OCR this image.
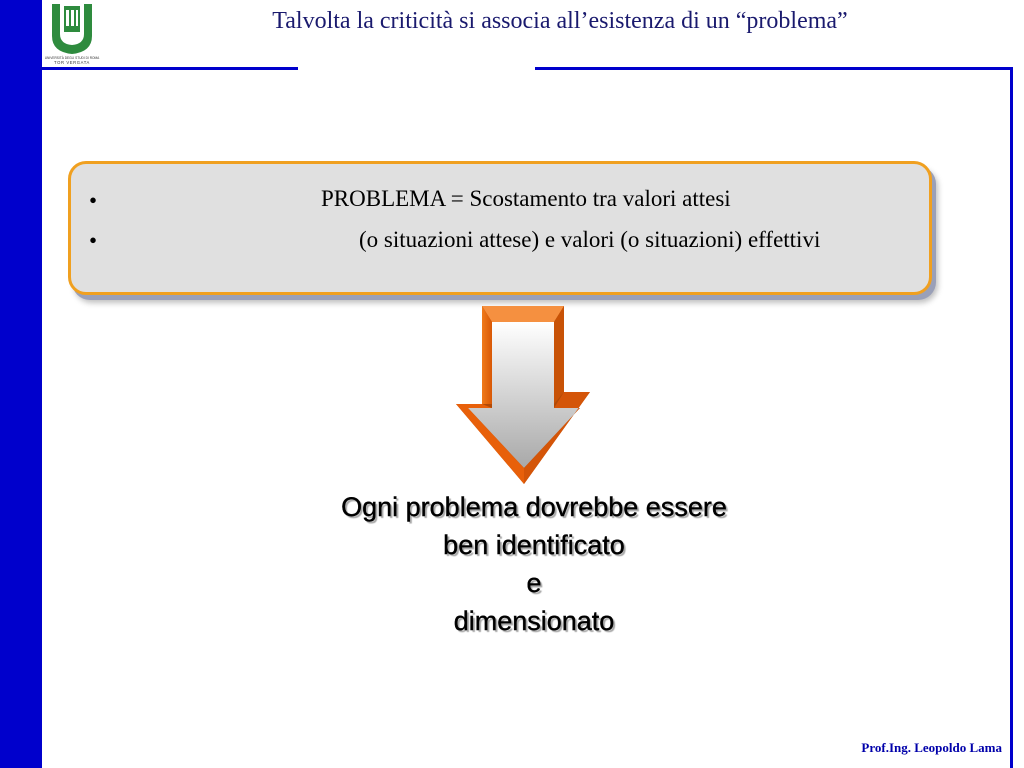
UNIVERSITÀ DEGLI STUDI DI ROMA
TOR VERGATA
Talvolta la criticità si associa all’esistenza di un “problema”
•	PROBLEMA = Scostamento tra valori attesi
•	(o situazioni attese) e valori (o situazioni) effettivi
Ogni problema dovrebbe essere
ben identificato
e
dimensionato
Prof.Ing. Leopoldo Lama
